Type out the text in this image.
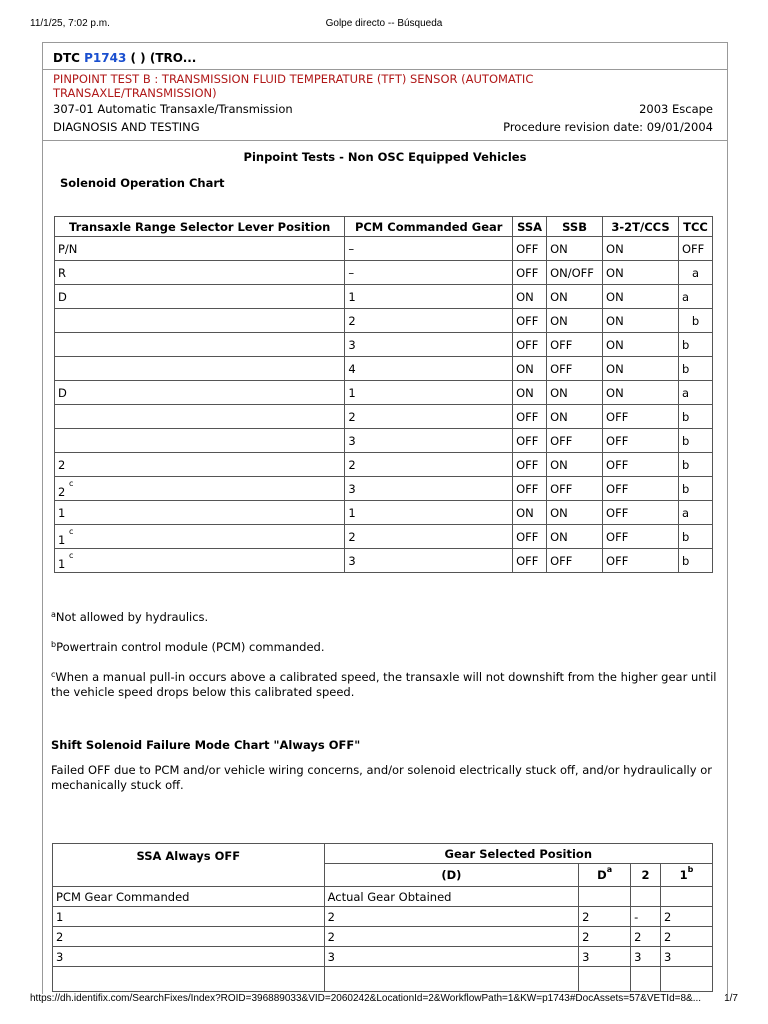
11/1/25, 7:02 p.m.	Golpe directo -- Búsqueda
DTC P1743 ( ) (TRO...
PINPOINT TEST B : TRANSMISSION FLUID TEMPERATURE (TFT) SENSOR (AUTOMATIC
TRANSAXLE/TRANSMISSION)
307-01 Automatic Transaxle/Transmission	2003 Escape
DIAGNOSIS AND TESTING	Procedure revision date: 09/01/2004
Pinpoint Tests - Non OSC Equipped Vehicles
Solenoid Operation Chart
Transaxle Range Selector Lever Position	PCM Commanded Gear	SSA	SSB	3-2T/CCS	TCC
P/N	–	OFF	ON	ON	OFF
R	–	OFF	ON/OFF	ON	a
D	1	ON	ON	ON	a
	2	OFF	ON	ON	b
	3	OFF	OFF	ON	b
	4	ON	OFF	ON	b
D	1	ON	ON	ON	a
	2	OFF	ON	OFF	b
	3	OFF	OFF	OFF	b
2	2	OFF	ON	OFF	b
2 $^c$	3	OFF	OFF	OFF	b
1	1	ON	ON	OFF	a
1 $^c$	2	OFF	ON	OFF	b
1 $^c$	3	OFF	OFF	OFF	b
$^a$Not allowed by hydraulics.
$^b$Powertrain control module (PCM) commanded.
$^c$When a manual pull-in occurs above a calibrated speed, the transaxle will not downshift from the higher gear until
the vehicle speed drops below this calibrated speed.
Shift Solenoid Failure Mode Chart "Always OFF"
Failed OFF due to PCM and/or vehicle wiring concerns, and/or solenoid electrically stuck off, and/or hydraulically or
mechanically stuck off.
SSA Always OFF	Gear Selected Position			
	(D)	$D^a$	2	1$^b$
PCM Gear Commanded	Actual Gear Obtained			
1	2	2	-	2
2	2	2	2	2
3	3	3	3	3

https://dh.identifix.com/SearchFixes/Index?ROID=396889033&VID=2060242&LocationId=2&WorkflowPath=1&KW=p1743#DocAssets=57&VETId=8&...	1/7
